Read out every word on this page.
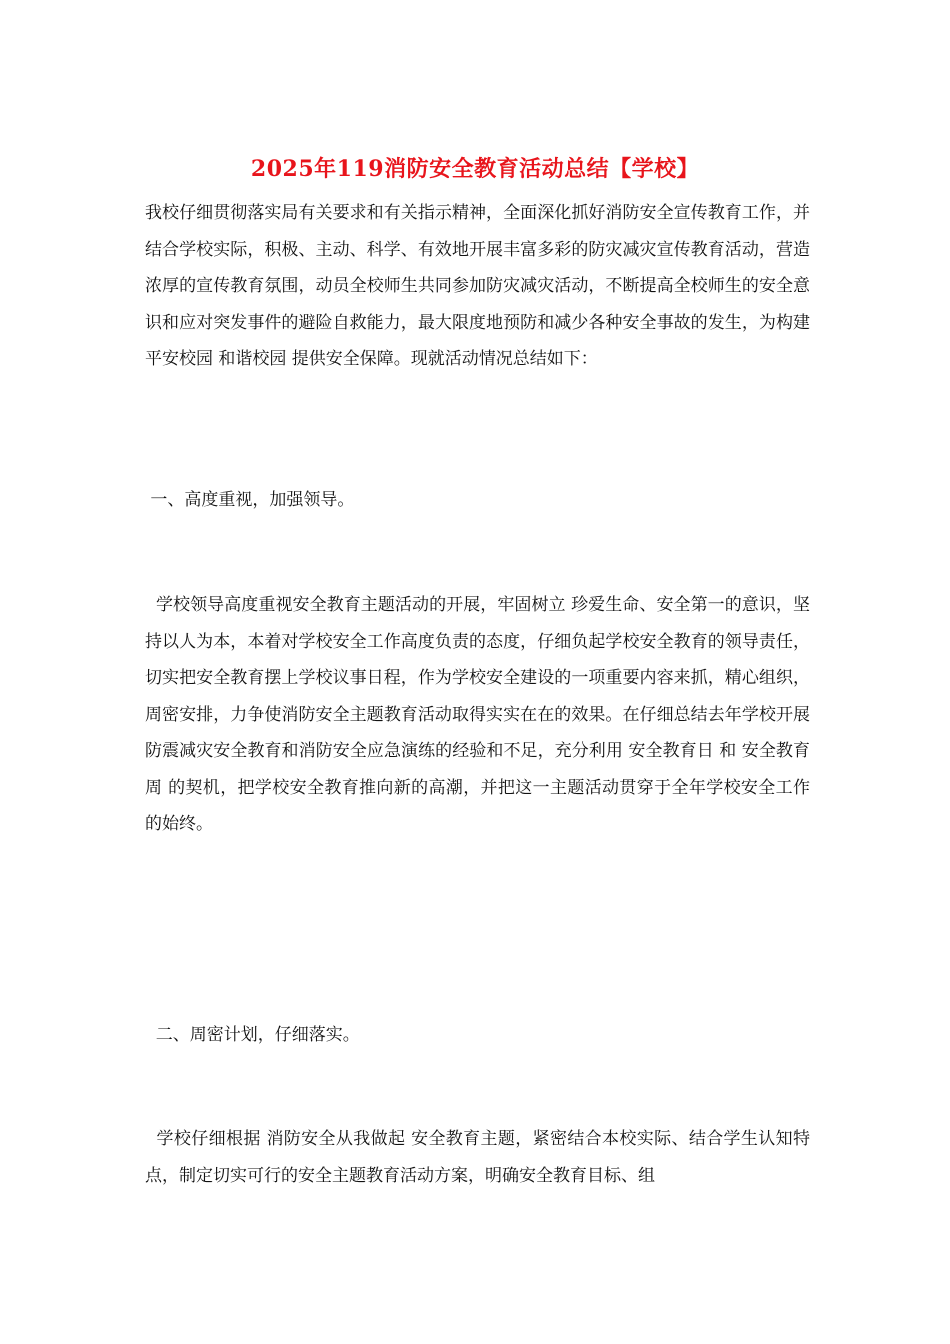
2025年119消防安全教育活动总结【学校】

我校仔细贯彻落实局有关要求和有关指示精神，全面深化抓好消防安全宣传教育工作，并结合学校实际，积极、主动、科学、有效地开展丰富多彩的防灾减灾宣传教育活动，营造浓厚的宣传教育氛围，动员全校师生共同参加防灾减灾活动，不断提高全校师生的安全意识和应对突发事件的避险自救能力，最大限度地预防和减少各种安全事故的发生，为构建 平安校园 和谐校园 提供安全保障。现就活动情况总结如下：

一、高度重视，加强领导。

学校领导高度重视安全教育主题活动的开展，牢固树立 珍爱生命、安全第一的意识，坚持以人为本，本着对学校安全工作高度负责的态度，仔细负起学校安全教育的领导责任，切实把安全教育摆上学校议事日程，作为学校安全建设的一项重要内容来抓，精心组织，周密安排，力争使消防安全主题教育活动取得实实在在的效果。在仔细总结去年学校开展防震减灾安全教育和消防安全应急演练的经验和不足，充分利用 安全教育日 和 安全教育周 的契机，把学校安全教育推向新的高潮，并把这一主题活动贯穿于全年学校安全工作的始终。

二、周密计划，仔细落实。

学校仔细根据 消防安全从我做起 安全教育主题，紧密结合本校实际、结合学生认知特点，制定切实可行的安全主题教育活动方案，明确安全教育目标、组
